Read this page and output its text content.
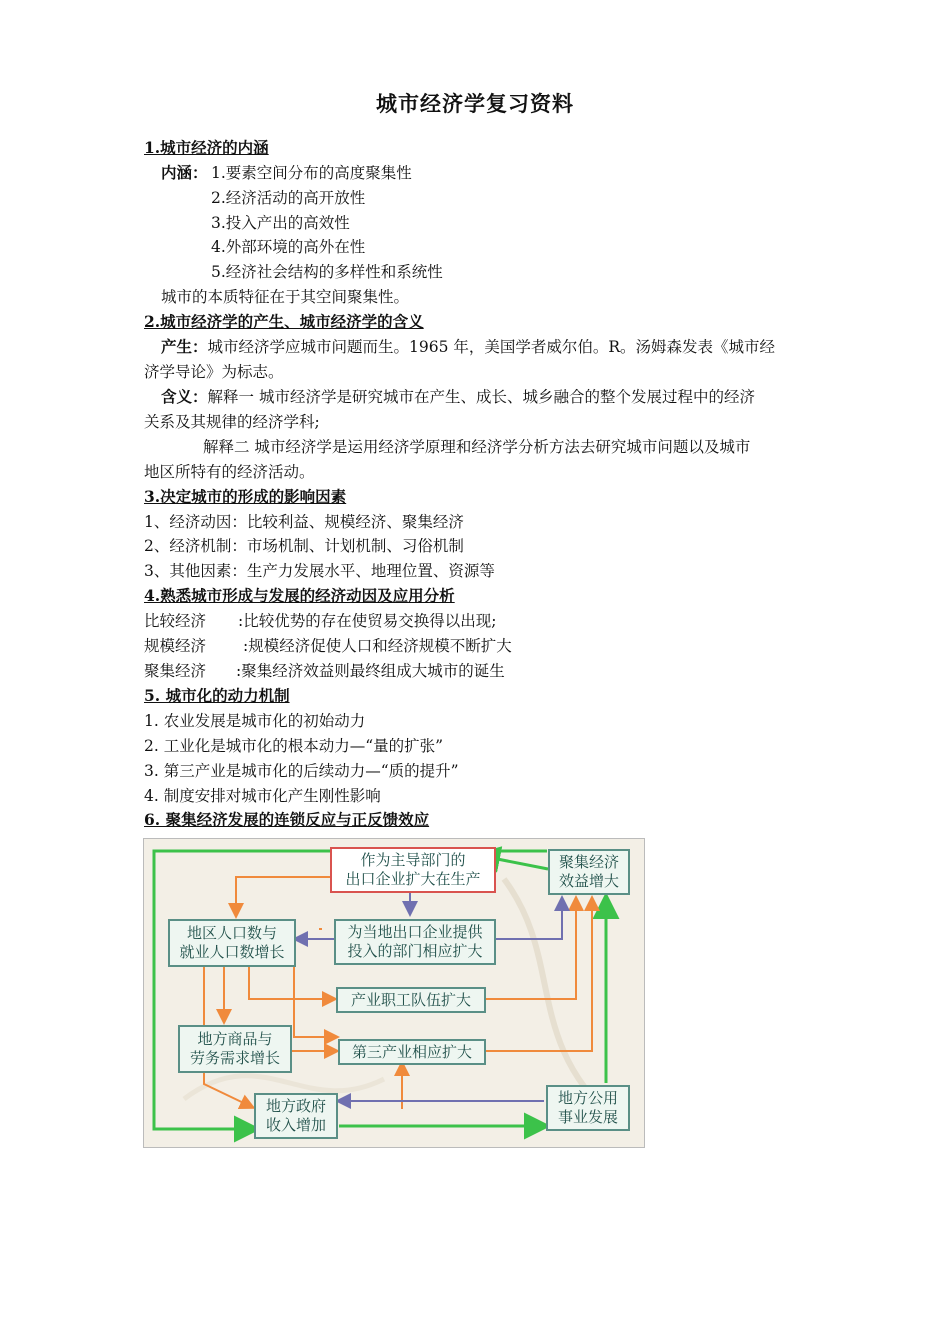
城市经济学复习资料
1.城市经济的内涵
内涵： 1.要素空间分布的高度聚集性
2.经济活动的高开放性
3.投入产出的高效性
4.外部环境的高外在性
5.经济社会结构的多样性和系统性
城市的本质特征在于其空间聚集性。
2.城市经济学的产生、城市经济学的含义
产生：城市经济学应城市问题而生。1965 年，美国学者威尔伯。R。汤姆森发表《城市经
济学导论》为标志。
含义：解释一 城市经济学是研究城市在产生、成长、城乡融合的整个发展过程中的经济
关系及其规律的经济学科;
解释二 城市经济学是运用经济学原理和经济学分析方法去研究城市问题以及城市
地区所特有的经济活动。
3.决定城市的形成的影响因素
1、经济动因：比较利益、规模经济、聚集经济
2、经济机制：市场机制、计划机制、习俗机制
3、其他因素：生产力发展水平、地理位置、资源等
4.熟悉城市形成与发展的经济动因及应用分析
比较经济 :比较优势的存在使贸易交换得以出现;
规模经济 :规模经济促使人口和经济规模不断扩大
聚集经济 :聚集经济效益则最终组成大城市的诞生
5. 城市化的动力机制
1. 农业发展是城市化的初始动力
2. 工业化是城市化的根本动力—“量的扩张”
3. 第三产业是城市化的后续动力—“质的提升”
4. 制度安排对城市化产生刚性影响
6. 聚集经济发展的连锁反应与正反馈效应
作为主导部门的
出口企业扩大在生产
聚集经济
效益增大
地区人口数与
就业人口数增长
为当地出口企业提供
投入的部门相应扩大
产业职工队伍扩大
地方商品与
劳务需求增长	第三产业相应扩大
地方政府
收入增加
地方公用
事业发展
